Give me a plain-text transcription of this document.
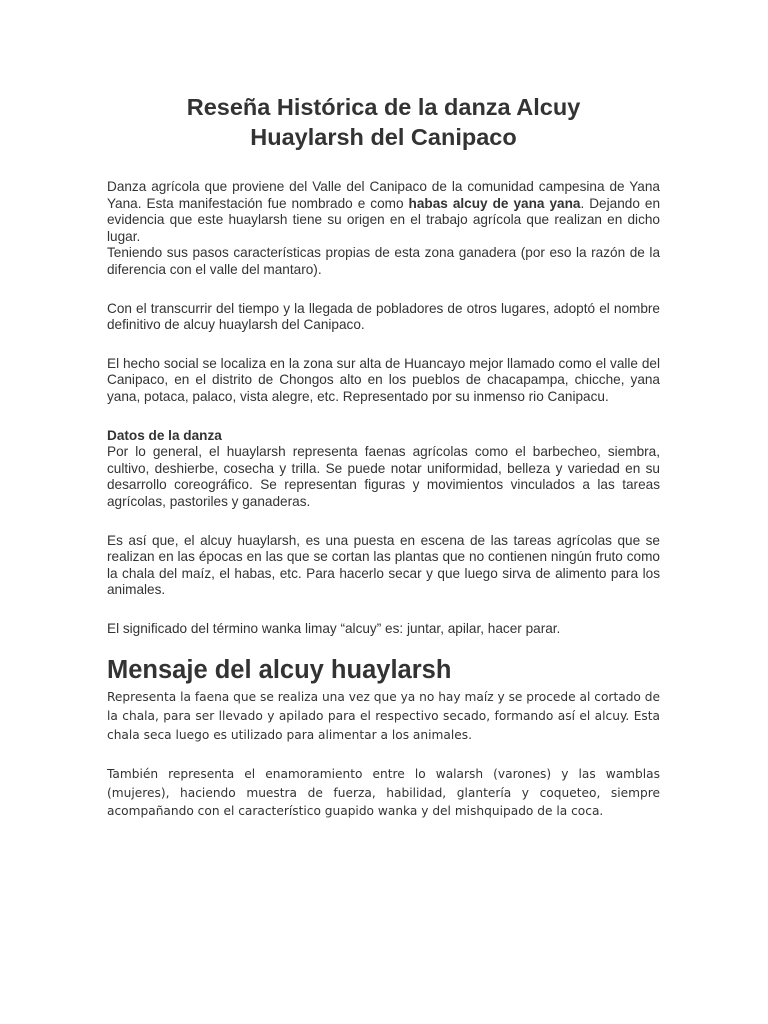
Reseña Histórica de la danza Alcuy
Huaylarsh del Canipaco

Danza agrícola que proviene del Valle del Canipaco de la comunidad campesina de Yana Yana. Esta manifestación fue nombrado e como habas alcuy de yana yana. Dejando en evidencia que este huaylarsh tiene su origen en el trabajo agrícola que realizan en dicho lugar.
Teniendo sus pasos características propias de esta zona ganadera (por eso la razón de la diferencia con el valle del mantaro).

Con el transcurrir del tiempo y la llegada de pobladores de otros lugares, adoptó el nombre definitivo de alcuy huaylarsh del Canipaco.

El hecho social se localiza en la zona sur alta de Huancayo mejor llamado como el valle del Canipaco, en el distrito de Chongos alto en los pueblos de chacapampa, chicche, yana yana, potaca, palaco, vista alegre, etc. Representado por su inmenso rio Canipacu.

Datos de la danza
Por lo general, el huaylarsh representa faenas agrícolas como el barbecheo, siembra, cultivo, deshierbe, cosecha y trilla. Se puede notar uniformidad, belleza y variedad en su desarrollo coreográfico. Se representan figuras y movimientos vinculados a las tareas agrícolas, pastoriles y ganaderas.

Es así que, el alcuy huaylarsh, es una puesta en escena de las tareas agrícolas que se realizan en las épocas en las que se cortan las plantas que no contienen ningún fruto como la chala del maíz, el habas, etc. Para hacerlo secar y que luego sirva de alimento para los animales.

El significado del término wanka limay “alcuy” es: juntar, apilar, hacer parar.

Mensaje del alcuy huaylarsh

Representa la faena que se realiza una vez que ya no hay maíz y se procede al cortado de la chala, para ser llevado y apilado para el respectivo secado, formando así el alcuy. Esta chala seca luego es utilizado para alimentar a los animales.

También representa el enamoramiento entre lo walarsh (varones) y las wamblas (mujeres), haciendo muestra de fuerza, habilidad, glantería y coqueteo, siempre acompañando con el característico guapido wanka y del mishquipado de la coca.
